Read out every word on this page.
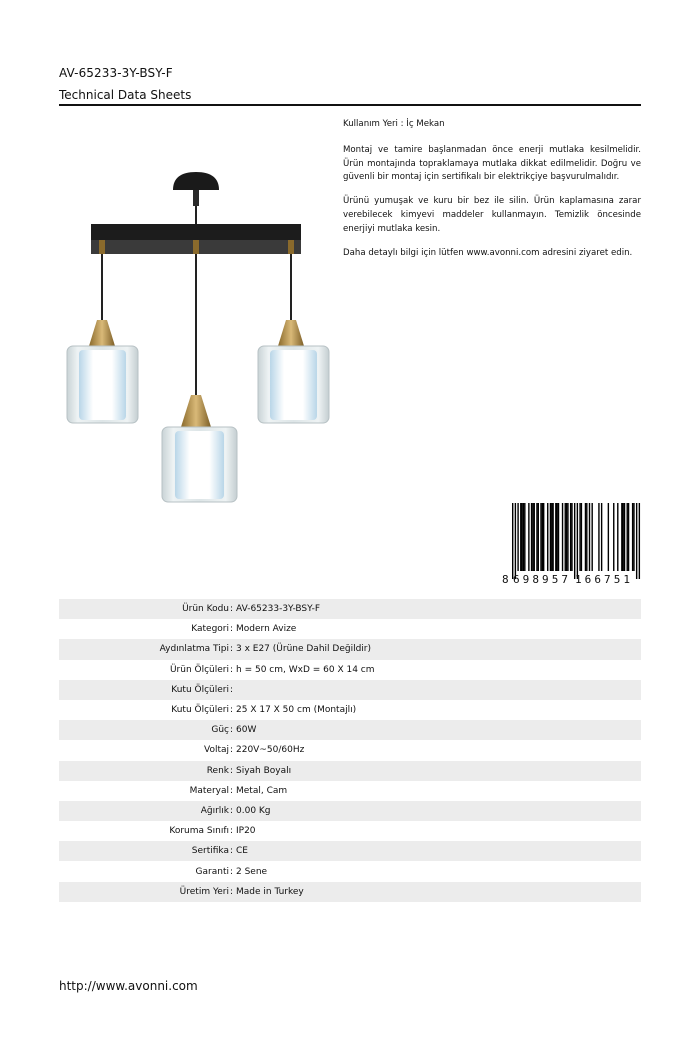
AV-65233-3Y-BSY-F
Technical Data Sheets

Kullanım Yeri : İç Mekan

Montaj ve tamire başlanmadan önce enerji mutlaka kesilmelidir. Ürün montajında topraklamaya mutlaka dikkat edilmelidir. Doğru ve güvenli bir montaj için sertifikalı bir elektrikçiye başvurulmalıdır.

Ürünü yumuşak ve kuru bir bez ile silin. Ürün kaplamasına zarar verebilecek kimyevi maddeler kullanmayın. Temizlik öncesinde enerjiyi mutlaka kesin.

Daha detaylı bilgi için lütfen www.avonni.com adresini ziyaret edin.

8 698957 166751
Ürün Kodu	:	AV-65233-3Y-BSY-F
Kategori	:	Modern Avize
Aydınlatma Tipi	:	3 x E27 (Ürüne Dahil Değildir)
Ürün Ölçüleri	:	h = 50 cm, WxD = 60 X 14 cm
Kutu Ölçüleri	:	
Kutu Ölçüleri	:	25 X 17 X 50 cm (Montajlı)
Güç	:	60W
Voltaj	:	220V~50/60Hz
Renk	:	Siyah Boyalı
Materyal	:	Metal, Cam
Ağırlık	:	0.00 Kg
Koruma Sınıfı	:	IP20
Sertifika	:	CE
Garanti	:	2 Sene
Üretim Yeri	:	Made in Turkey
http://www.avonni.com
